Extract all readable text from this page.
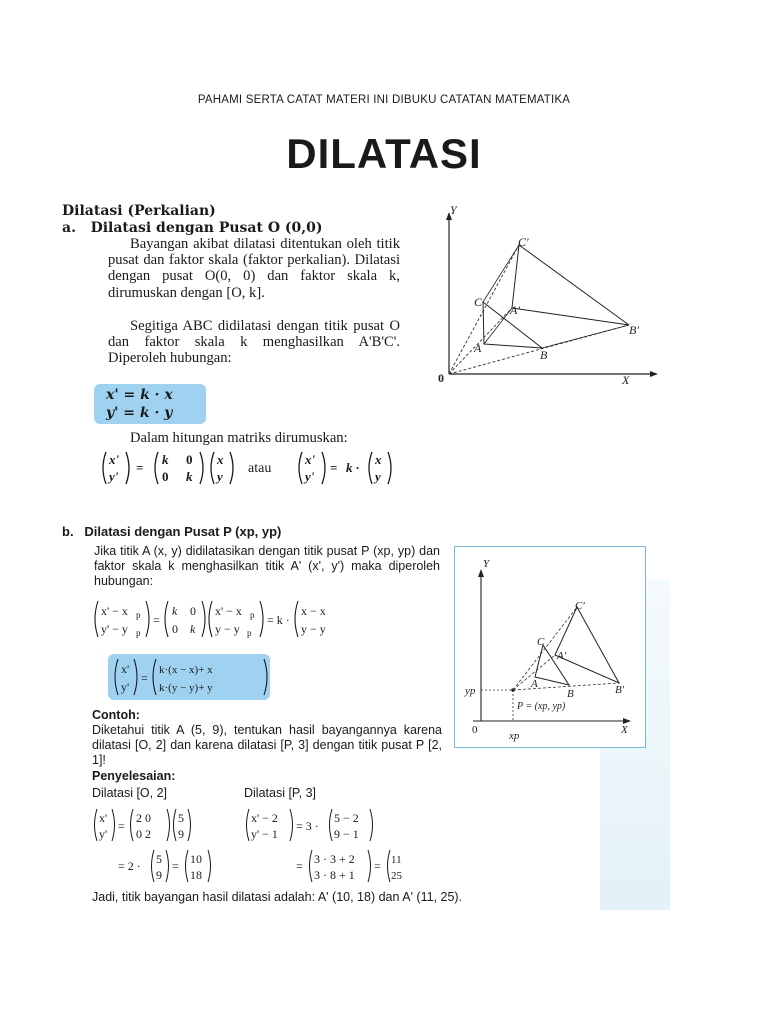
PAHAMI SERTA CATAT MATERI INI DIBUKU CATATAN MATEMATIKA
DILATASI
Dilatasi (Perkalian)
a.   Dilatasi dengan Pusat O (0,0)
Bayangan akibat dilatasi ditentukan oleh titik pusat dan faktor skala (faktor perkalian). Dilatasi dengan pusat O(0, 0) dan faktor skala k, dirumuskan dengan [O, k].
Segitiga ABC didilatasi dengan titik pusat O dan faktor skala k menghasilkan A'B'C'. Diperoleh hubungan:
x' = k · x
y' = k · y
Dalam hitungan matriks dirumuskan:
x'
y'
=
k 0
0 k
x
y
atau
x'
y'
= k ·
x
y
Y
X
0
A	B
C
A'
B'
C'
b.   Dilatasi dengan Pusat P (xp, yp)
Jika titik A (x, y) didilatasikan dengan titik pusat P (xp, yp) dan faktor skala k menghasilkan titik A' (x', y') maka diperoleh hubungan:
x' − x p
y' − y p
=
k 0
0 k
x' − x p
y − y p
= k ·
x − x
y − y
x'
y'
=
k·(x − x)+ x
k·(y − y)+ y
Contoh:
Diketahui titik A (5, 9), tentukan hasil bayangannya karena dilatasi [O, 2] dan karena dilatasi [P, 3] dengan titik pusat P [2, 1]!
Penyelesaian:
Dilatasi [O, 2]	Dilatasi [P, 3]
x'
y'
=
2 0
0 2
5
9
= 2 · 5
9
= 10
18
x' − 2
y' − 1
= 3 ·
5 − 2
9 − 1
= 3 · 3 + 2
3 · 8 + 1
= 11
25
Jadi, titik bayangan hasil dilatasi adalah: A' (10, 18) dan A' (11, 25).
Y
X
0	xp
yp
P = (xp, yp)
A
B
C
A'
B'
C'
